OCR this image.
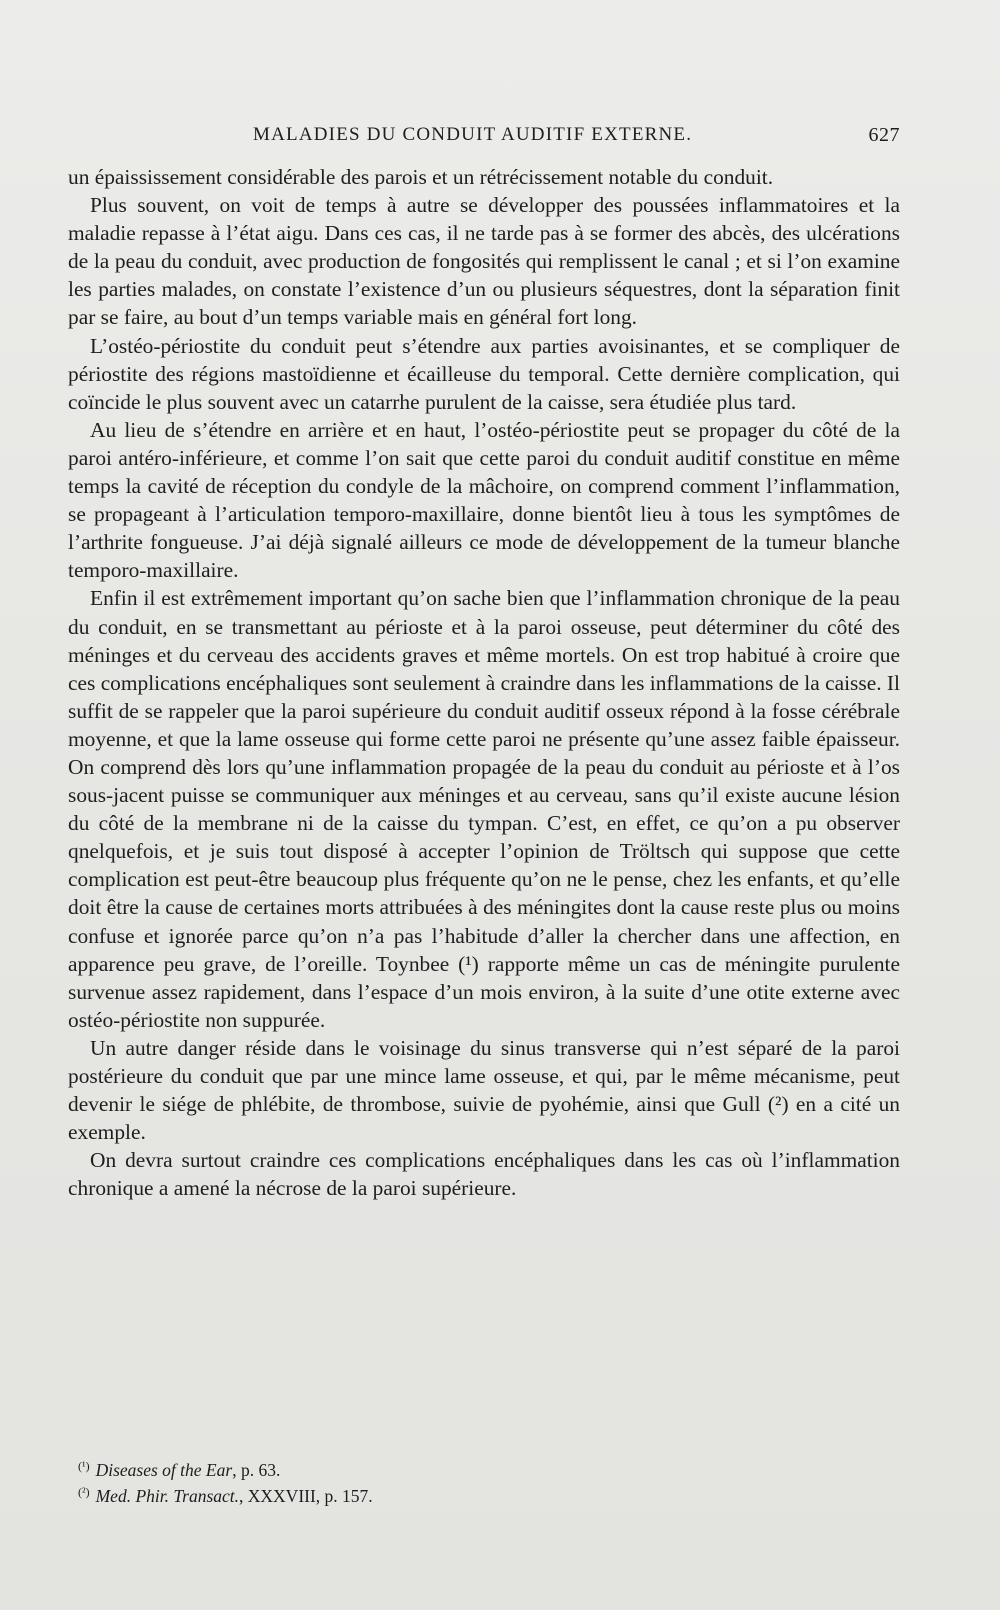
MALADIES DU CONDUIT AUDITIF EXTERNE.	627

un épaississement considérable des parois et un rétrécissement notable du conduit.

Plus souvent, on voit de temps à autre se développer des poussées inflammatoires et la maladie repasse à l’état aigu. Dans ces cas, il ne tarde pas à se former des abcès, des ulcérations de la peau du conduit, avec production de fongosités qui remplissent le canal ; et si l’on examine les parties malades, on constate l’existence d’un ou plusieurs séquestres, dont la séparation finit par se faire, au bout d’un temps variable mais en général fort long.

L’ostéo-périostite du conduit peut s’étendre aux parties avoisinantes, et se compliquer de périostite des régions mastoïdienne et écailleuse du temporal. Cette dernière complication, qui coïncide le plus souvent avec un catarrhe purulent de la caisse, sera étudiée plus tard.

Au lieu de s’étendre en arrière et en haut, l’ostéo-périostite peut se propager du côté de la paroi antéro-inférieure, et comme l’on sait que cette paroi du conduit auditif constitue en même temps la cavité de réception du condyle de la mâchoire, on comprend comment l’inflammation, se propageant à l’articulation temporo-maxillaire, donne bientôt lieu à tous les symptômes de l’arthrite fongueuse. J’ai déjà signalé ailleurs ce mode de développement de la tumeur blanche temporo-maxillaire.

Enfin il est extrêmement important qu’on sache bien que l’inflammation chronique de la peau du conduit, en se transmettant au périoste et à la paroi osseuse, peut déterminer du côté des méninges et du cerveau des accidents graves et même mortels. On est trop habitué à croire que ces complications encéphaliques sont seulement à craindre dans les inflammations de la caisse. Il suffit de se rappeler que la paroi supérieure du conduit auditif osseux répond à la fosse cérébrale moyenne, et que la lame osseuse qui forme cette paroi ne présente qu’une assez faible épaisseur. On comprend dès lors qu’une inflammation propagée de la peau du conduit au périoste et à l’os sous-jacent puisse se communiquer aux méninges et au cerveau, sans qu’il existe aucune lésion du côté de la membrane ni de la caisse du tympan. C’est, en effet, ce qu’on a pu observer qnelquefois, et je suis tout disposé à accepter l’opinion de Tröltsch qui suppose que cette complication est peut-être beaucoup plus fréquente qu’on ne le pense, chez les enfants, et qu’elle doit être la cause de certaines morts attribuées à des méningites dont la cause reste plus ou moins confuse et ignorée parce qu’on n’a pas l’habitude d’aller la chercher dans une affection, en apparence peu grave, de l’oreille. Toynbee (¹) rapporte même un cas de méningite purulente survenue assez rapidement, dans l’espace d’un mois environ, à la suite d’une otite externe avec ostéo-périostite non suppurée.

Un autre danger réside dans le voisinage du sinus transverse qui n’est séparé de la paroi postérieure du conduit que par une mince lame osseuse, et qui, par le même mécanisme, peut devenir le siége de phlébite, de thrombose, suivie de pyohémie, ainsi que Gull (²) en a cité un exemple.

On devra surtout craindre ces complications encéphaliques dans les cas où l’inflammation chronique a amené la nécrose de la paroi supérieure.

$^{(^1)}$ Diseases of the Ear, p. 63.
$^{(^2)}$ Med. Phir. Transact., XXXVIII, p. 157.
